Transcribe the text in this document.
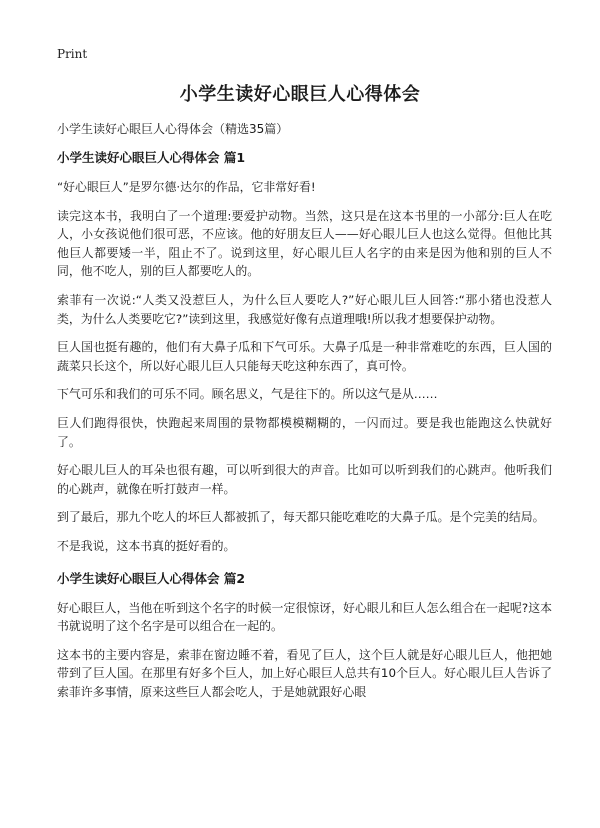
Print
小学生读好心眼巨人心得体会

小学生读好心眼巨人心得体会（精选35篇）

小学生读好心眼巨人心得体会 篇1

“好心眼巨人”是罗尔德·达尔的作品，它非常好看!

读完这本书，我明白了一个道理:要爱护动物。当然，这只是在这本书里的一小部分:巨人在吃人，小女孩说他们很可恶，不应该。他的好朋友巨人——好心眼儿巨人也这么觉得。但他比其他巨人都要矮一半，阻止不了。说到这里，好心眼儿巨人名字的由来是因为他和别的巨人不同，他不吃人，别的巨人都要吃人的。

索菲有一次说:“人类又没惹巨人，为什么巨人要吃人?”好心眼儿巨人回答:“那小猪也没惹人类，为什么人类要吃它?”读到这里，我感觉好像有点道理哦!所以我才想要保护动物。

巨人国也挺有趣的，他们有大鼻子瓜和下气可乐。大鼻子瓜是一种非常难吃的东西，巨人国的蔬菜只长这个，所以好心眼儿巨人只能每天吃这种东西了，真可怜。

下气可乐和我们的可乐不同。顾名思义，气是往下的。所以这气是从……

巨人们跑得很快，快跑起来周围的景物都模模糊糊的，一闪而过。要是我也能跑这么快就好了。

好心眼儿巨人的耳朵也很有趣，可以听到很大的声音。比如可以听到我们的心跳声。他听我们的心跳声，就像在听打鼓声一样。

到了最后，那九个吃人的坏巨人都被抓了，每天都只能吃难吃的大鼻子瓜。是个完美的结局。

不是我说，这本书真的挺好看的。

小学生读好心眼巨人心得体会 篇2

好心眼巨人，当他在听到这个名字的时候一定很惊讶，好心眼儿和巨人怎么组合在一起呢?这本书就说明了这个名字是可以组合在一起的。

这本书的主要内容是，索菲在窗边睡不着，看见了巨人，这个巨人就是好心眼儿巨人，他把她带到了巨人国。在那里有好多个巨人，加上好心眼巨人总共有10个巨人。好心眼儿巨人告诉了索菲许多事情，原来这些巨人都会吃人，于是她就跟好心眼
